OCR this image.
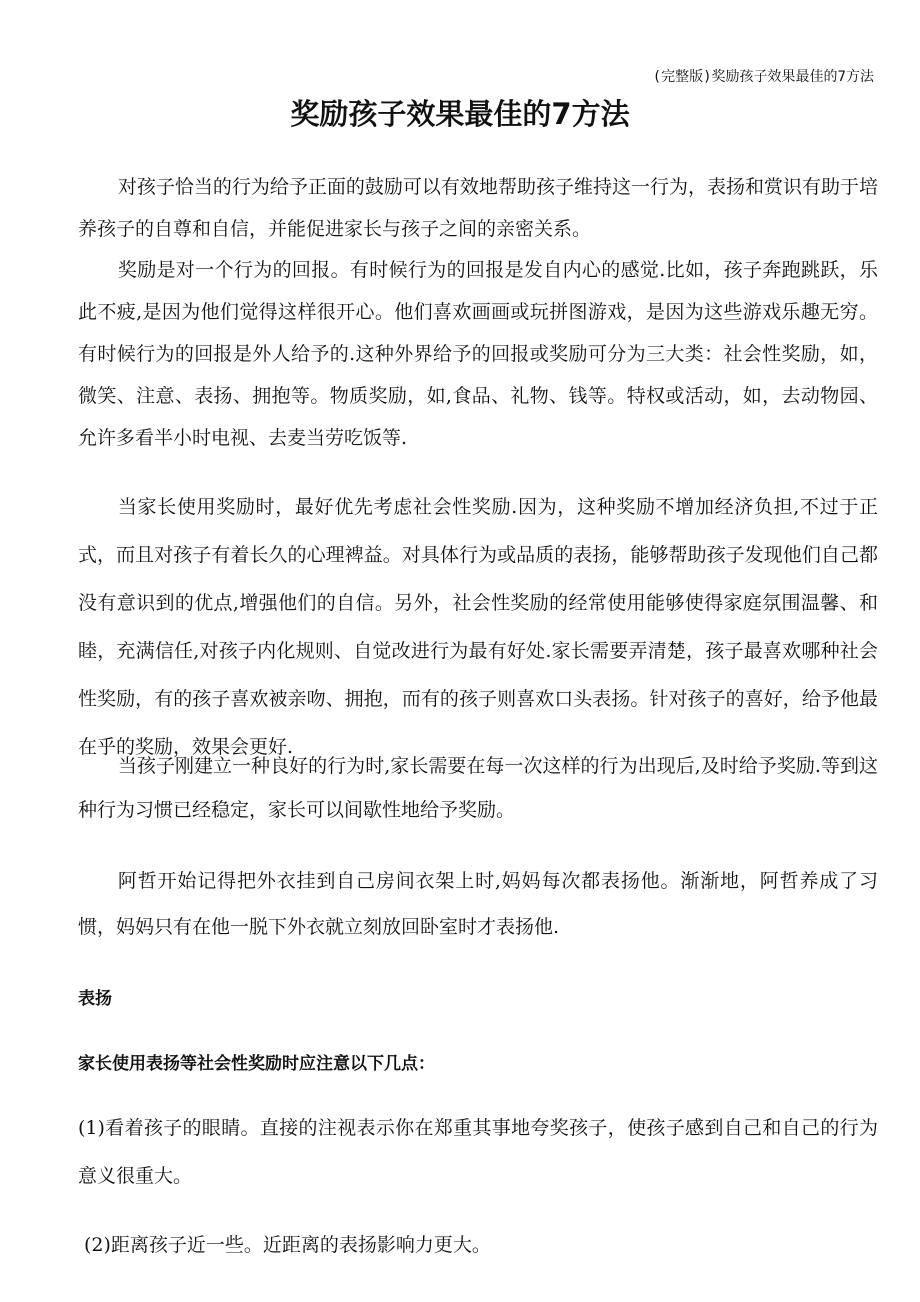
(完整版)奖励孩子效果最佳的7方法
奖励孩子效果最佳的7方法

对孩子恰当的行为给予正面的鼓励可以有效地帮助孩子维持这一行为，表扬和赏识有助于培养孩子的自尊和自信，并能促进家长与孩子之间的亲密关系。

奖励是对一个行为的回报。有时候行为的回报是发自内心的感觉.比如，孩子奔跑跳跃，乐此不疲,是因为他们觉得这样很开心。他们喜欢画画或玩拼图游戏，是因为这些游戏乐趣无穷。有时候行为的回报是外人给予的.这种外界给予的回报或奖励可分为三大类：社会性奖励，如，微笑、注意、表扬、拥抱等。物质奖励，如,食品、礼物、钱等。特权或活动，如，去动物园、允许多看半小时电视、去麦当劳吃饭等.

当家长使用奖励时，最好优先考虑社会性奖励.因为，这种奖励不增加经济负担,不过于正式，而且对孩子有着长久的心理裨益。对具体行为或品质的表扬，能够帮助孩子发现他们自己都没有意识到的优点,增强他们的自信。另外，社会性奖励的经常使用能够使得家庭氛围温馨、和睦，充满信任,对孩子内化规则、自觉改进行为最有好处.家长需要弄清楚，孩子最喜欢哪种社会性奖励，有的孩子喜欢被亲吻、拥抱，而有的孩子则喜欢口头表扬。针对孩子的喜好，给予他最在乎的奖励，效果会更好.

当孩子刚建立一种良好的行为时,家长需要在每一次这样的行为出现后,及时给予奖励.等到这种行为习惯已经稳定，家长可以间歇性地给予奖励。

阿哲开始记得把外衣挂到自己房间衣架上时,妈妈每次都表扬他。渐渐地，阿哲养成了习惯，妈妈只有在他一脱下外衣就立刻放回卧室时才表扬他.

表扬
家长使用表扬等社会性奖励时应注意以下几点：

(1)看着孩子的眼睛。直接的注视表示你在郑重其事地夸奖孩子，使孩子感到自己和自己的行为意义很重大。

(2)距离孩子近一些。近距离的表扬影响力更大。
